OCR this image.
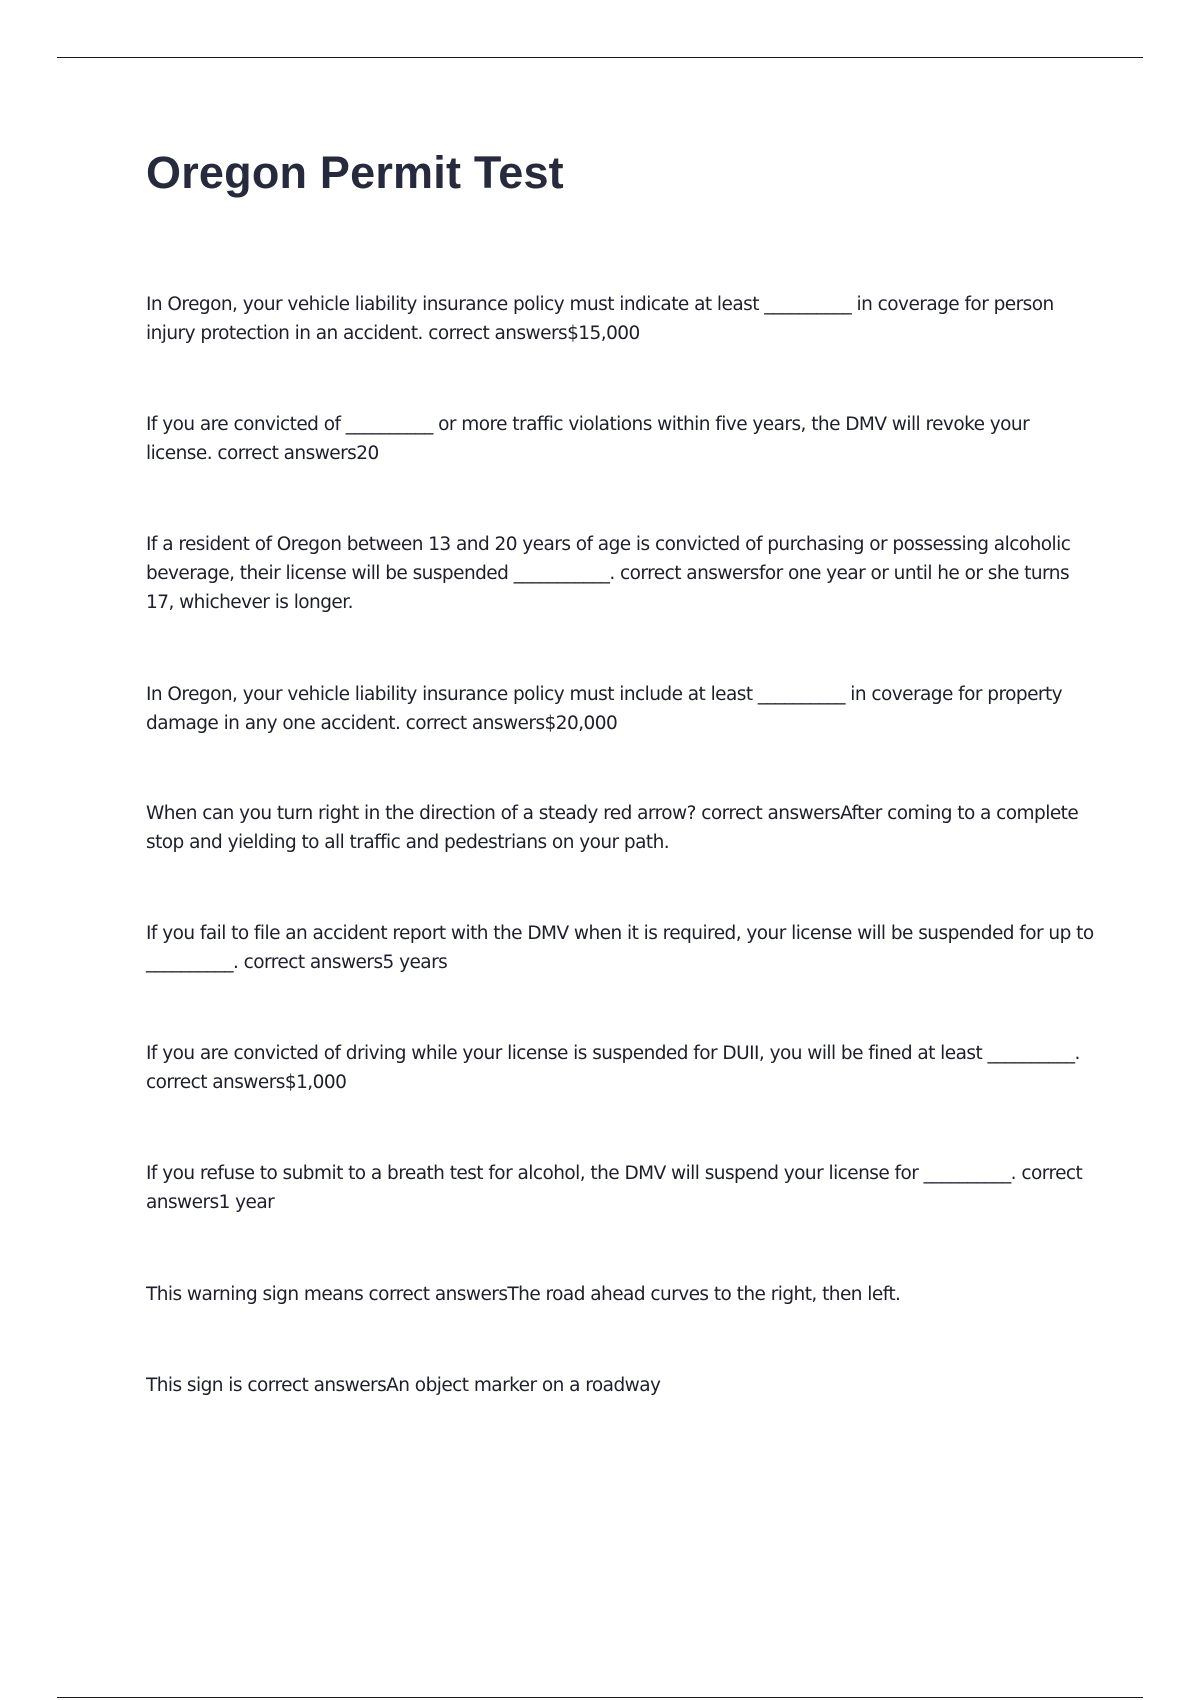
Oregon Permit Test

In Oregon, your vehicle liability insurance policy must indicate at least __________ in coverage for person injury protection in an accident. correct answers$15,000

If you are convicted of __________ or more traffic violations within five years, the DMV will revoke your license. correct answers20

If a resident of Oregon between 13 and 20 years of age is convicted of purchasing or possessing alcoholic beverage, their license will be suspended ___________. correct answersfor one year or until he or she turns 17, whichever is longer.

In Oregon, your vehicle liability insurance policy must include at least __________ in coverage for property damage in any one accident. correct answers$20,000

When can you turn right in the direction of a steady red arrow? correct answersAfter coming to a complete stop and yielding to all traffic and pedestrians on your path.

If you fail to file an accident report with the DMV when it is required, your license will be suspended for up to __________. correct answers5 years

If you are convicted of driving while your license is suspended for DUII, you will be fined at least __________. correct answers$1,000

If you refuse to submit to a breath test for alcohol, the DMV will suspend your license for __________. correct answers1 year

This warning sign means correct answersThe road ahead curves to the right, then left.

This sign is correct answersAn object marker on a roadway
